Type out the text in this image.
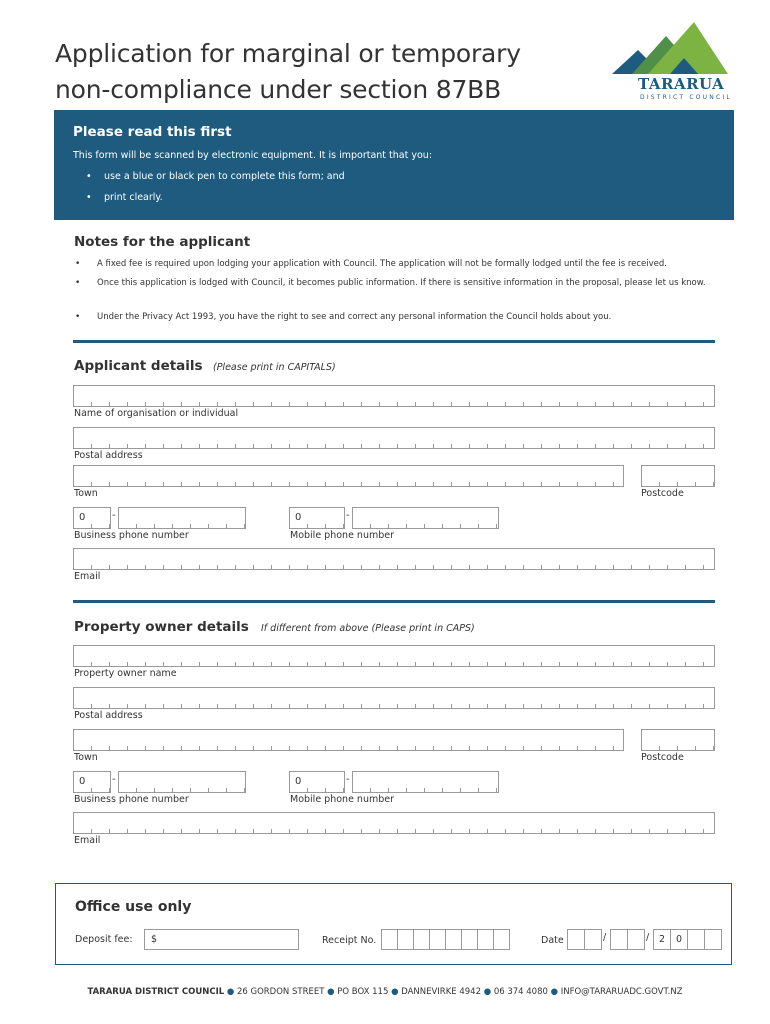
Application for marginal or temporary
non-compliance under section 87BB	TARARUA
DISTRICT COUNCIL
Please read this first
This form will be scanned by electronic equipment. It is important that you:
• use a blue or black pen to complete this form; and
• print clearly.
Notes for the applicant
• A fixed fee is required upon lodging your application with Council. The application will not be formally lodged until the fee is received.
• Once this application is lodged with Council, it becomes public information. If there is sensitive information in the proposal, please let us know.
• Under the Privacy Act 1993, you have the right to see and correct any personal information the Council holds about you.
Applicant details (Please print in CAPITALS)
Name of organisation or individual
Postal address
Town	Postcode
0	-
Business phone number
0	-
Mobile phone number
Email
Property owner details If different from above (Please print in CAPS)
Property owner name
Postal address
Town	Postcode
0	-
Business phone number
0	-
Mobile phone number
Email
Office use only
Deposit fee: $	Receipt No.	Date	/	/ 2 0
TARARUA DISTRICT COUNCIL ● 26 GORDON STREET ● PO BOX 115 ● DANNEVIRKE 4942 ● 06 374 4080 ● INFO@TARARUADC.GOVT.NZ
